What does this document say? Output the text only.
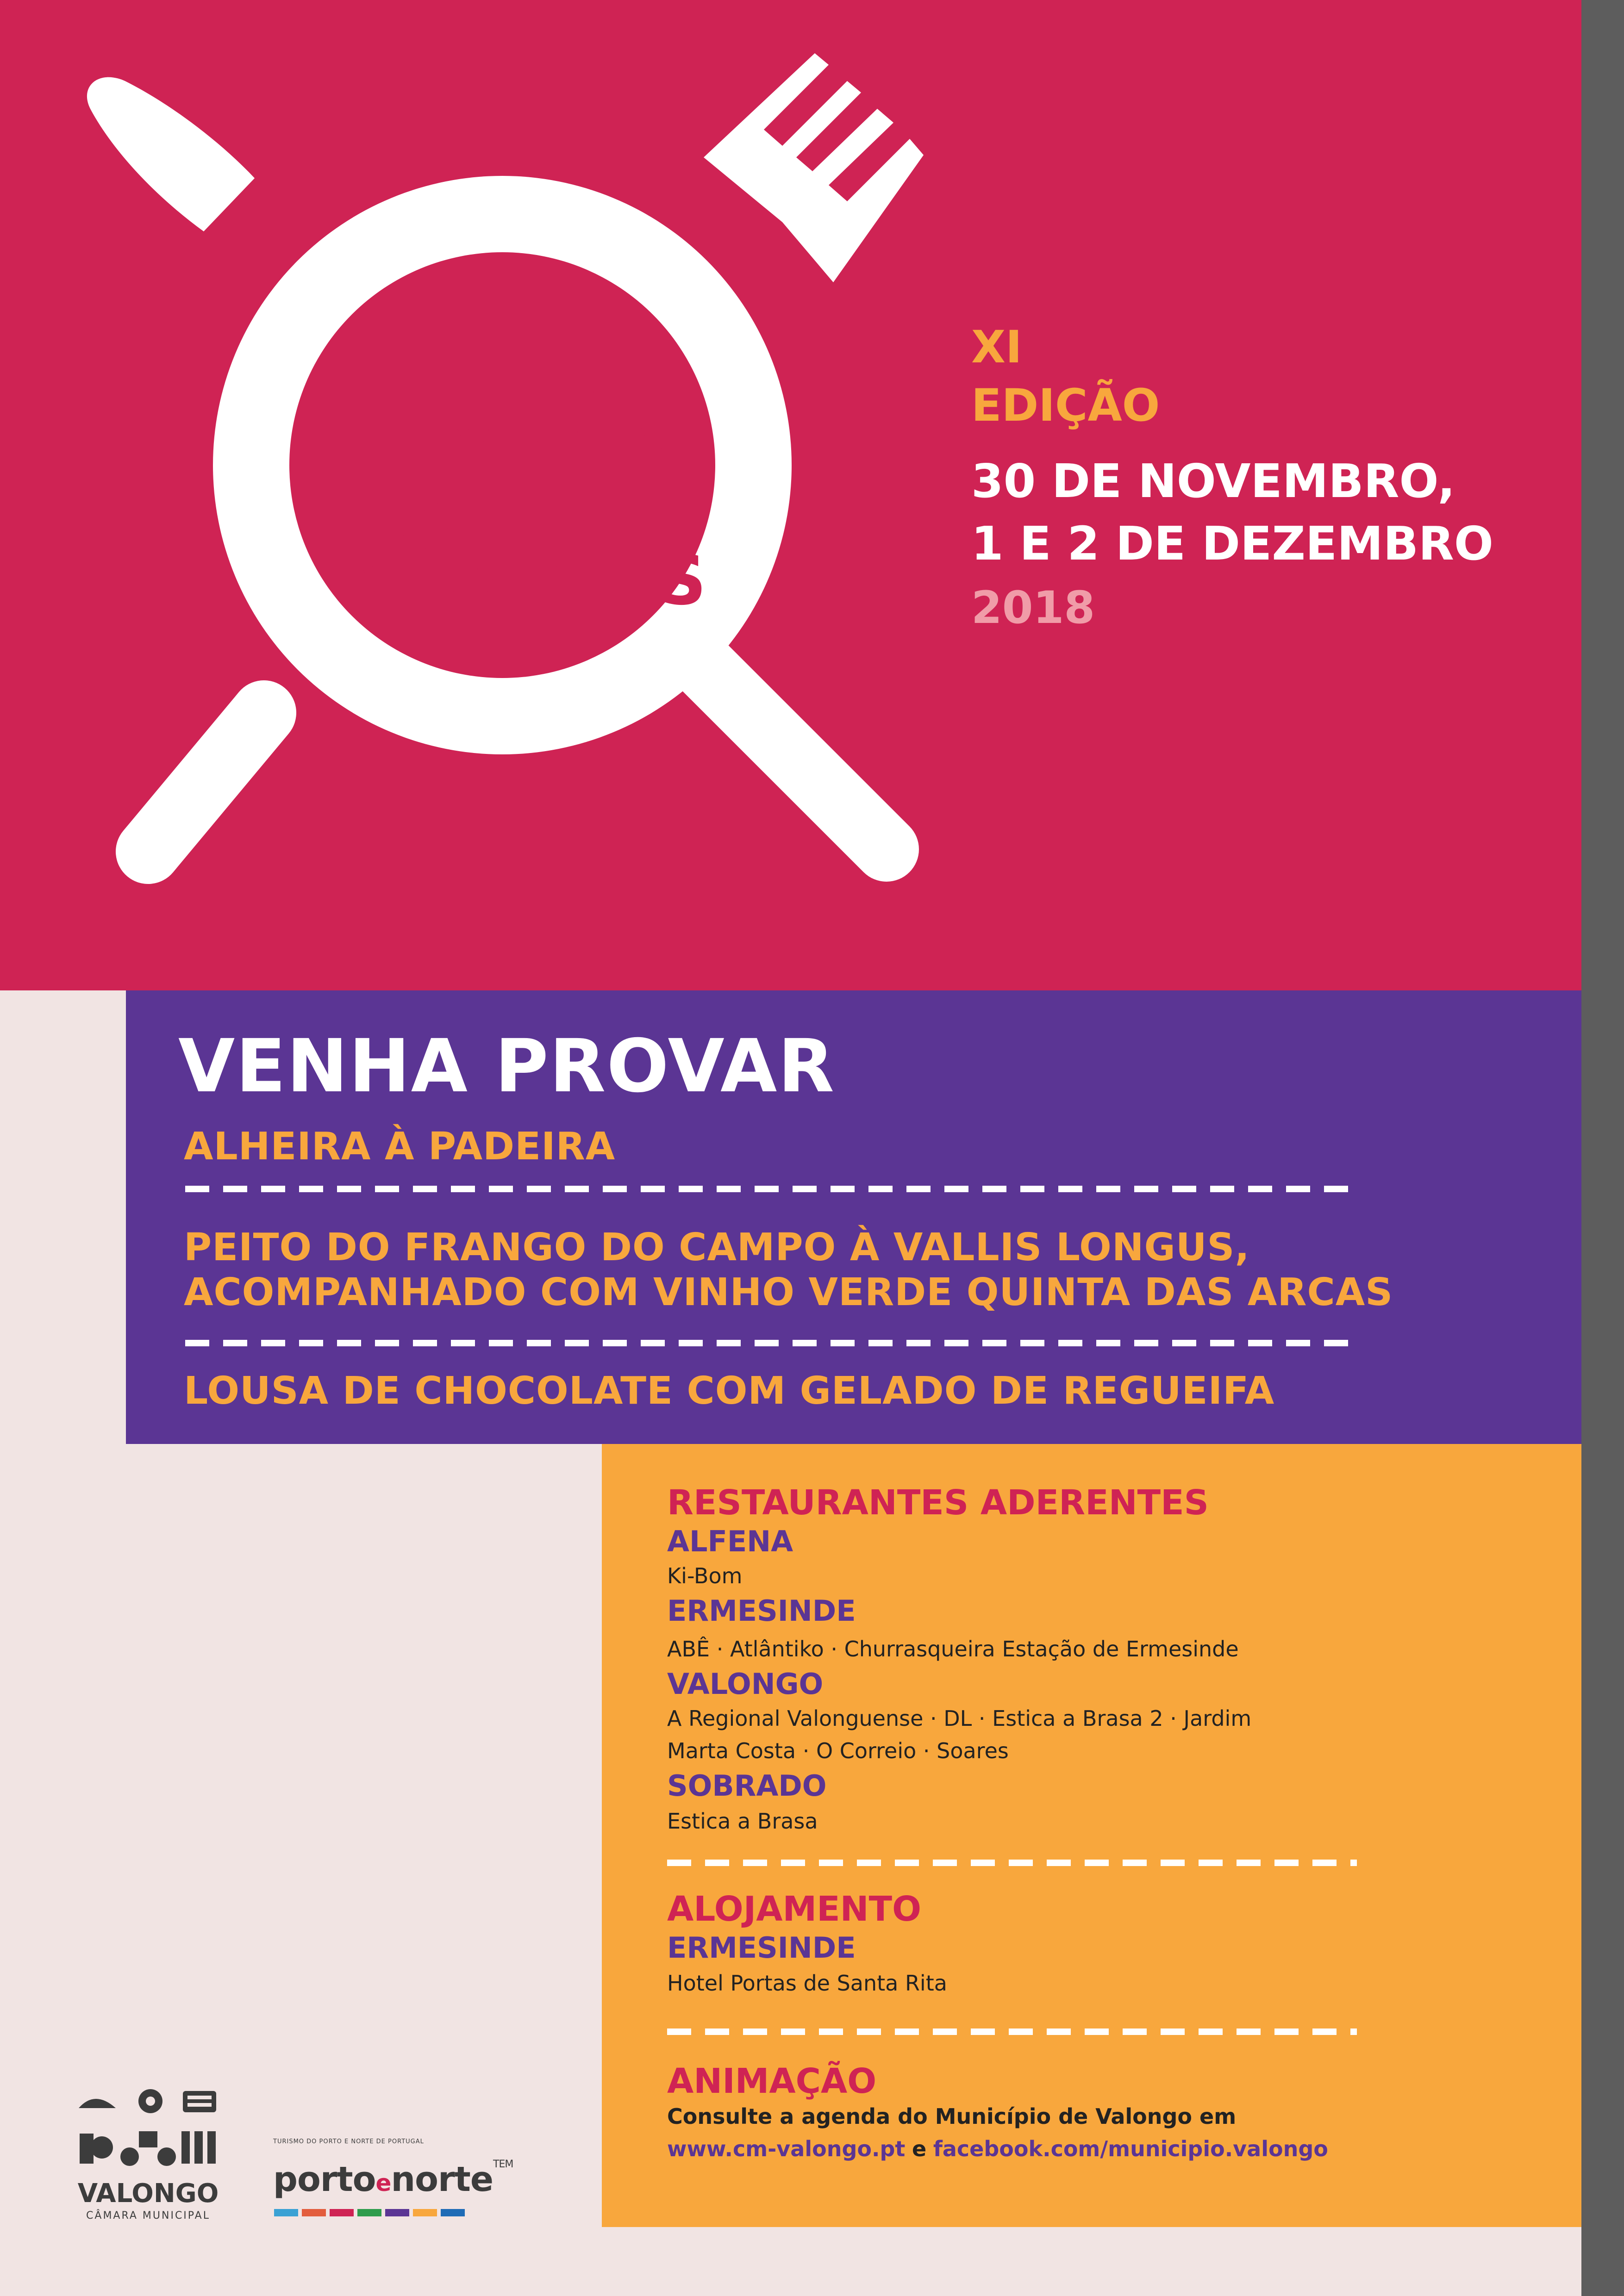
FINS DE
SEMANA
GASTRO
NÓMICOS
XI
EDIÇÃO
30 DE NOVEMBRO,
1 E 2 DE DEZEMBRO
2018
VENHA PROVAR
ALHEIRA À PADEIRA
PEITO DO FRANGO DO CAMPO À VALLIS LONGUS,
ACOMPANHADO COM VINHO VERDE QUINTA DAS ARCAS
LOUSA DE CHOCOLATE COM GELADO DE REGUEIFA
RESTAURANTES ADERENTES
ALFENA
Ki-Bom
ERMESINDE
ABÊ · Atlântiko · Churrasqueira Estação de Ermesinde
VALONGO
A Regional Valonguense · DL · Estica a Brasa 2 · Jardim
Marta Costa · O Correio · Soares
SOBRADO
Estica a Brasa
ALOJAMENTO
ERMESINDE
Hotel Portas de Santa Rita
ANIMAÇÃO
Consulte a agenda do Município de Valongo em
www.cm-valongo.pt e facebook.com/municipio.valongo
VALONGO
CÂMARA MUNICIPAL
TURISMO DO PORTO E NORTE DE PORTUGAL
portoenorte$^{TEM}$
